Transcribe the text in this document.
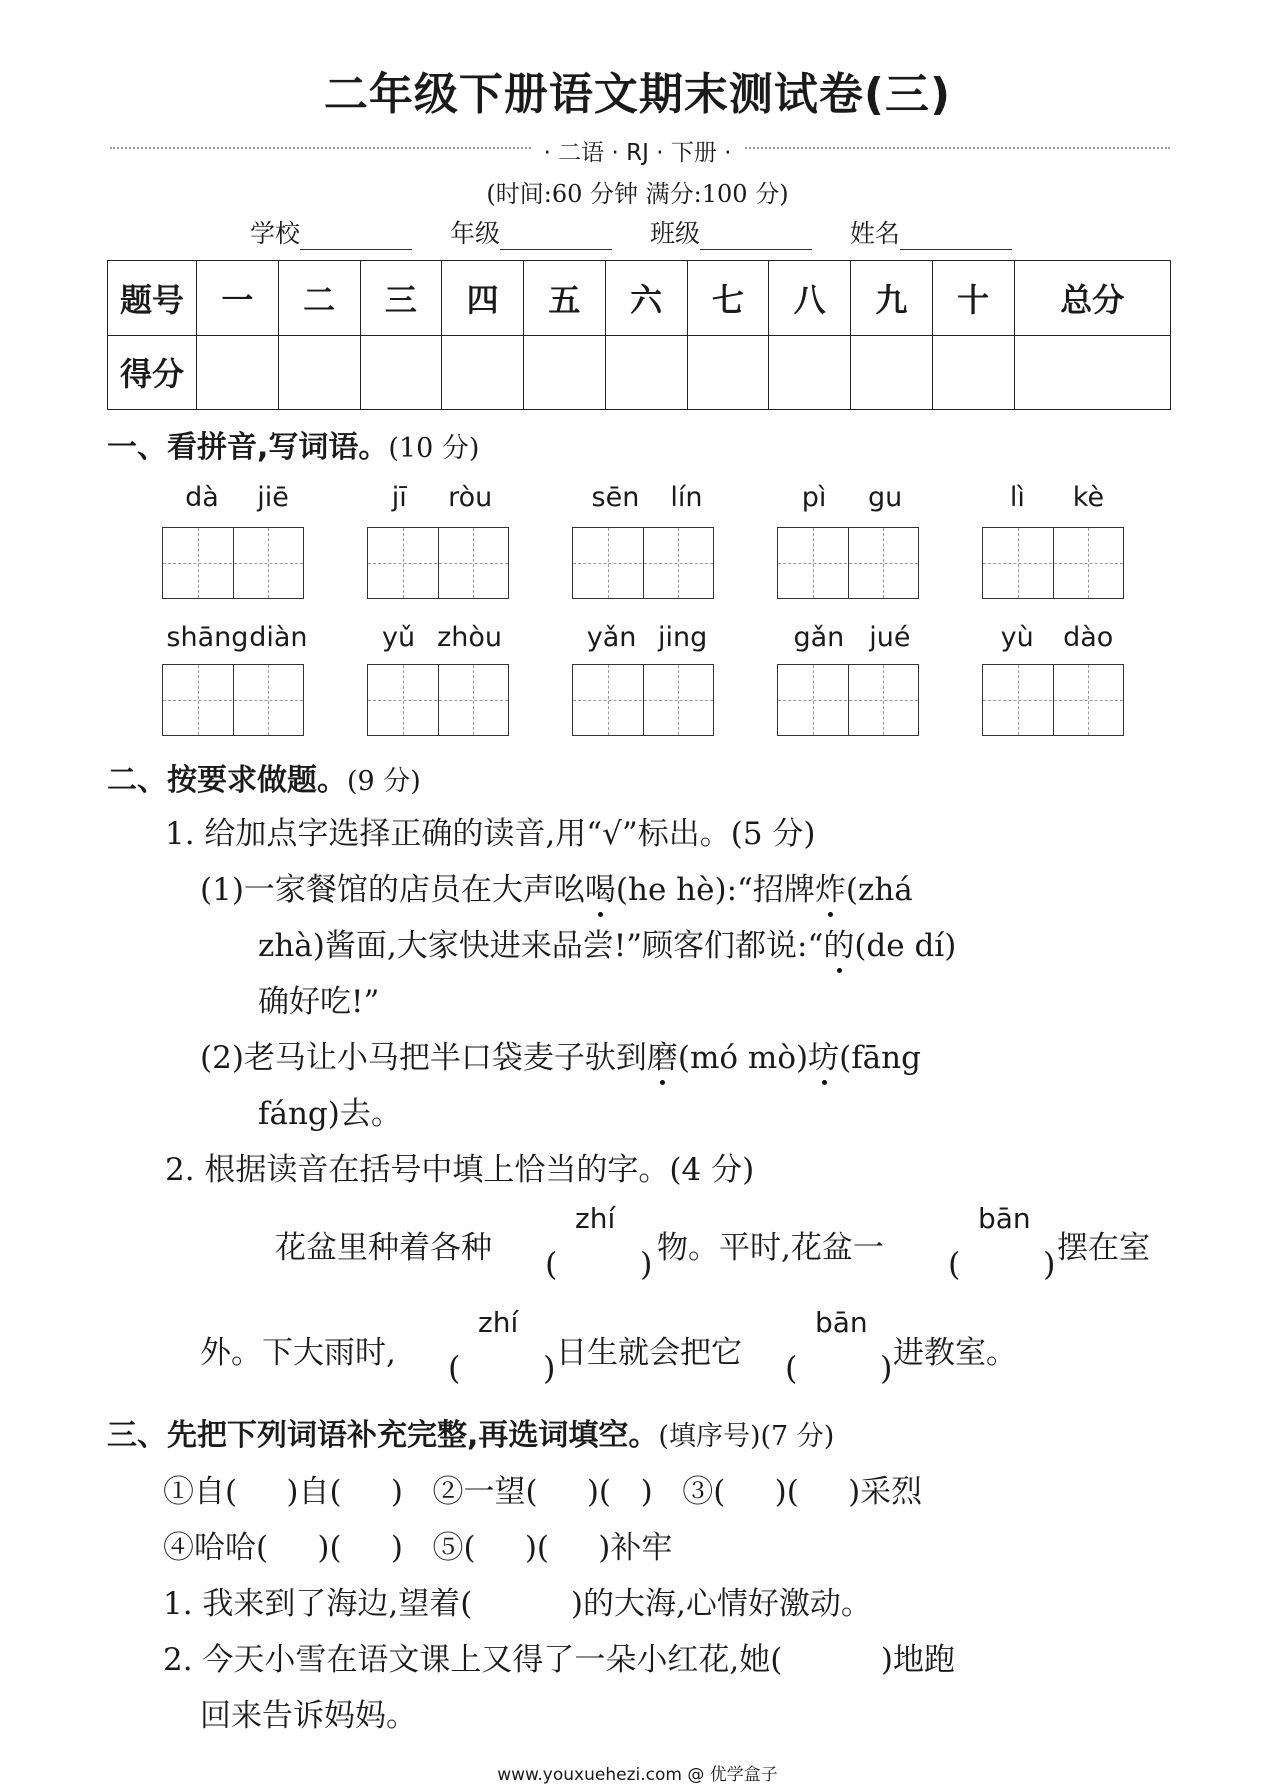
二年级下册语文期末测试卷(三)
· 二语 · RJ · 下册 ·
(时间:60 分钟 满分:100 分)
学校	年级	班级	姓名
题号	一	二	三	四	五	六	七	八	九	十	总分
得分											
一、看拼音,写词语。(10 分)
dà jiē	jī ròu	sēn lín	pì gu	lì kè
shāng diàn	yǔ zhòu	yǎn jing	gǎn jué	yù dào
二、按要求做题。(9 分)
1. 给加点字选择正确的读音,用“√”标出。(5 分)
(1)一家餐馆的店员在大声吆喝(he hè):“招牌炸(zhá
zhà)酱面,大家快进来品尝!”顾客们都说:“的(de dí)
确好吃!”
(2)老马让小马把半口袋麦子驮到磨(mó mò)坊(fāng
fáng)去。
2. 根据读音在括号中填上恰当的字。(4 分)
花盆里种着各种	物。平时,花盆一	摆在室
外。下大雨时,	日生就会把它	进教室。
zhí
(	)
bān
(	)
zhí
(	)
bān
(	)
三、先把下列词语补充完整,再选词填空。(填序号)(7 分)
①自(     )自(     )   ②一望(     )(   )   ③(     )(     )采烈
④哈哈(     )(     )   ⑤(     )(     )补牢
1. 我来到了海边,望着(          )的大海,心情好激动。
2. 今天小雪在语文课上又得了一朵小红花,她(          )地跑
回来告诉妈妈。
www.youxuehezi.com @ 优学盒子
